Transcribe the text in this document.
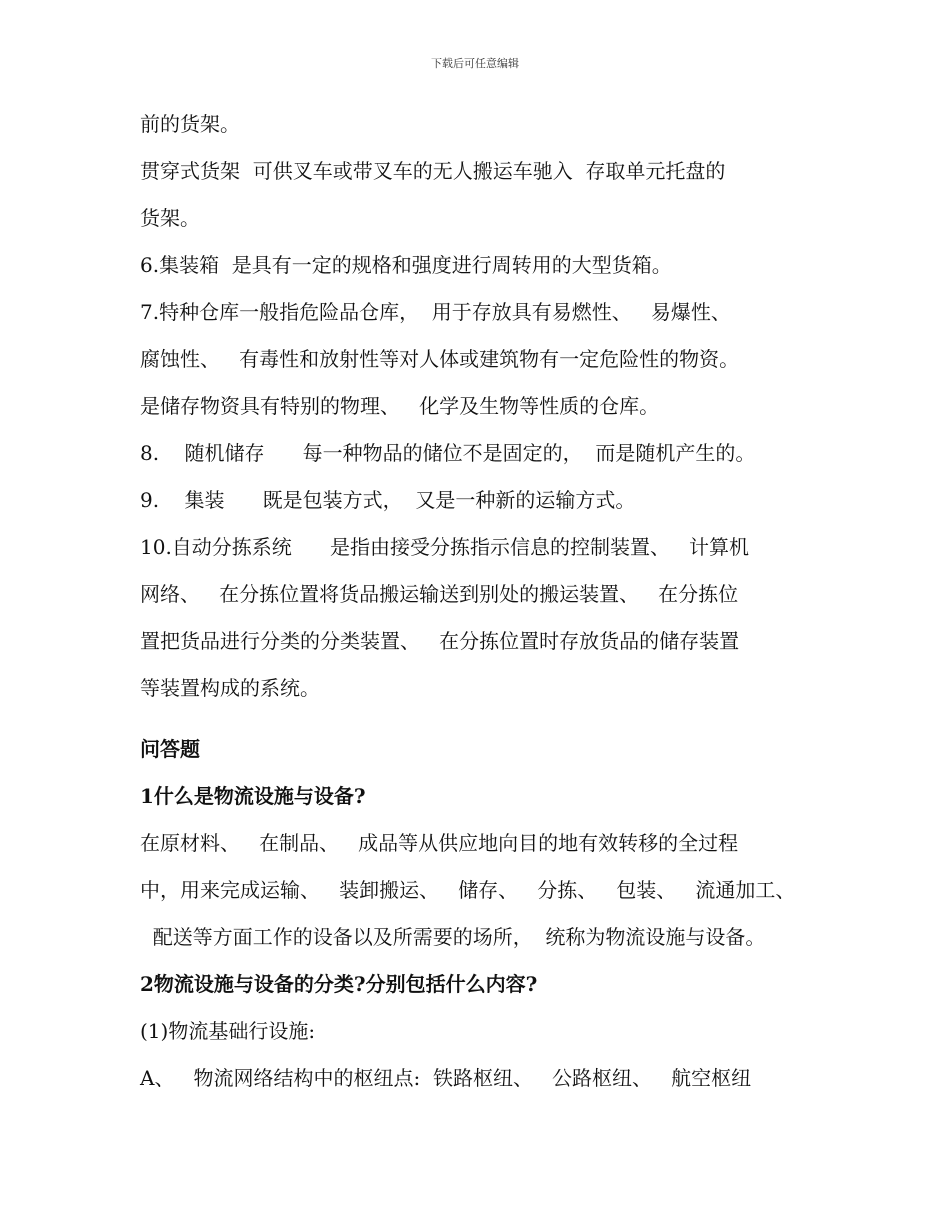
下载后可任意编辑
前的货架。
贯穿式货架  可供叉车或带叉车的无人搬运车驰入  存取单元托盘的
货架。
6.集装箱  是具有一定的规格和强度进行周转用的大型货箱。
7.特种仓库一般指危险品仓库，  用于存放具有易燃性、   易爆性、
腐蚀性、   有毒性和放射性等对人体或建筑物有一定危险性的物资。
是储存物资具有特别的物理、   化学及生物等性质的仓库。
8.    随机储存      每一种物品的储位不是固定的，  而是随机产生的。
9.    集装      既是包装方式，  又是一种新的运输方式。
10.自动分拣系统      是指由接受分拣指示信息的控制装置、   计算机
网络、   在分拣位置将货品搬运输送到别处的搬运装置、   在分拣位
置把货品进行分类的分类装置、   在分拣位置时存放货品的储存装置
等装置构成的系统。
问答题
1什么是物流设施与设备?
在原材料、   在制品、   成品等从供应地向目的地有效转移的全过程
中，用来完成运输、   装卸搬运、   储存、   分拣、   包装、   流通加工、
配送等方面工作的设备以及所需要的场所，  统称为物流设施与设备。
2物流设施与设备的分类?分别包括什么内容?
(1)物流基础行设施:
A、   物流网络结构中的枢纽点:  铁路枢纽、   公路枢纽、   航空枢纽
